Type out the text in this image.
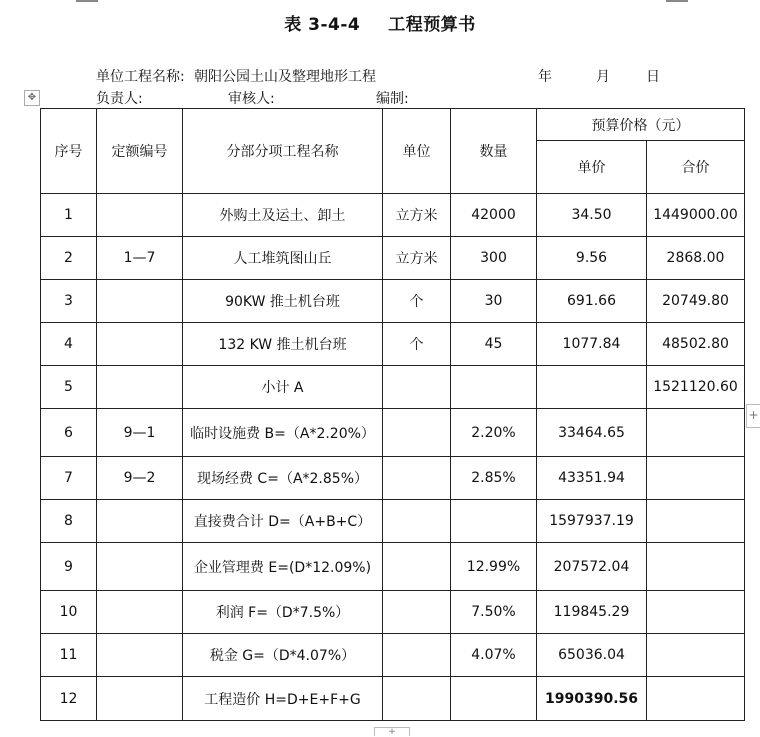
表 3-4-4 工程预算书
单位工程名称: 朝阳公园土山及整理地形工程	年	月	日
负责人:	审核人:	编制:
✥
序号	定额编号	分部分项工程名称	单位	数量	预算价格（元）	
					单价	合价
1		外购土及运土、卸土	立方米	42000	34.50	1449000.00
2	1—7	人工堆筑图山丘	立方米	300	9.56	2868.00
3		90KW 推土机台班	个	30	691.66	20749.80
4		132 KW 推土机台班	个	45	1077.84	48502.80
5		小计 A				1521120.60
6	9—1	临时设施费 B=（A*2.20%）		2.20%	33464.65	
7	9—2	现场经费 C=（A*2.85%）		2.85%	43351.94	
8		直接费合计 D=（A+B+C）			1597937.19	
9		企业管理费 E=(D*12.09%)		12.99%	207572.04	
10		利润 F=（D*7.5%）		7.50%	119845.29	
11		税金 G=（D*4.07%）		4.07%	65036.04	
12		工程造价 H=D+E+F+G			1990390.56	
+
+
